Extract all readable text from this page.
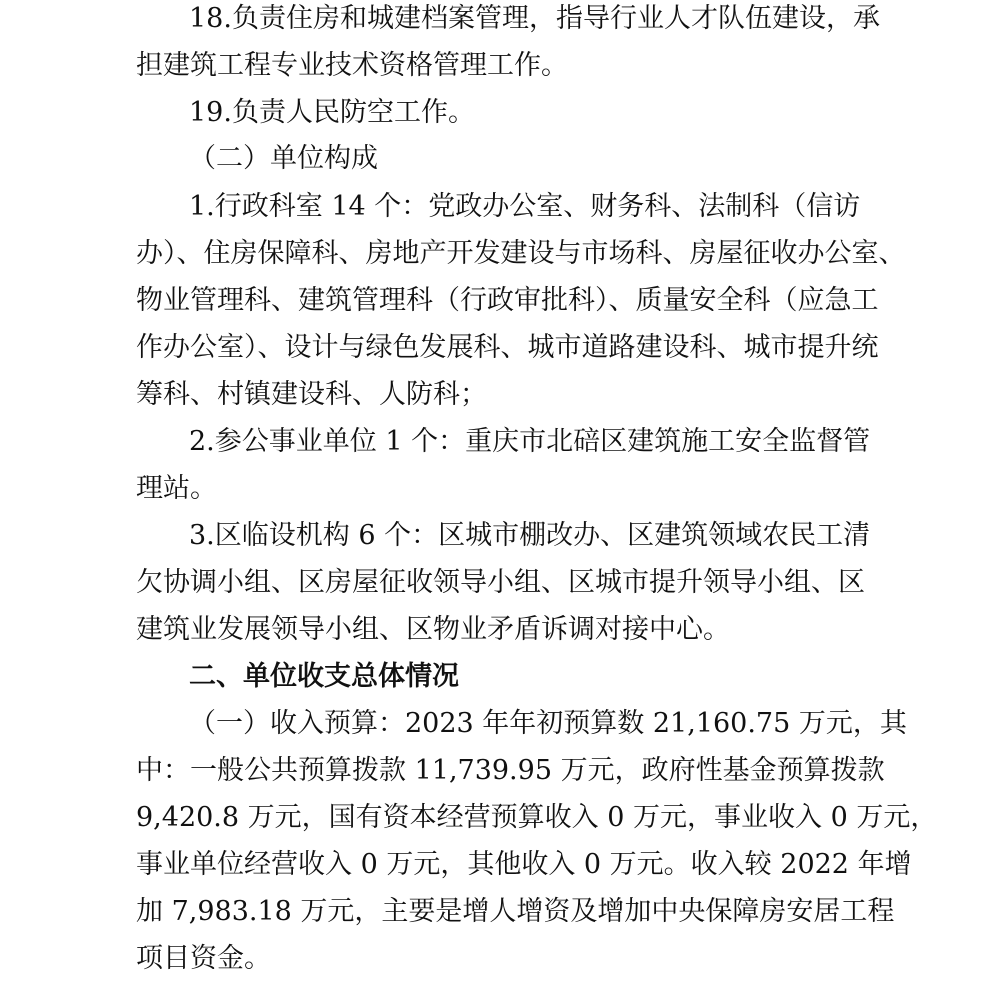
18.负责住房和城建档案管理，指导行业人才队伍建设，承
担建筑工程专业技术资格管理工作。
19.负责人民防空工作。
（二）单位构成
1.行政科室 14 个：党政办公室、财务科、法制科（信访
办）、住房保障科、房地产开发建设与市场科、房屋征收办公室、
物业管理科、建筑管理科（行政审批科）、质量安全科（应急工
作办公室）、设计与绿色发展科、城市道路建设科、城市提升统
筹科、村镇建设科、人防科；
2.参公事业单位 1 个：重庆市北碚区建筑施工安全监督管
理站。
3.区临设机构 6 个：区城市棚改办、区建筑领域农民工清
欠协调小组、区房屋征收领导小组、区城市提升领导小组、区
建筑业发展领导小组、区物业矛盾诉调对接中心。
二、单位收支总体情况
（一）收入预算：2023 年年初预算数 21,160.75 万元，其
中：一般公共预算拨款 11,739.95 万元，政府性基金预算拨款
9,420.8 万元，国有资本经营预算收入 0 万元，事业收入 0 万元，
事业单位经营收入 0 万元，其他收入 0 万元。收入较 2022 年增
加 7,983.18 万元，主要是增人增资及增加中央保障房安居工程
项目资金。
